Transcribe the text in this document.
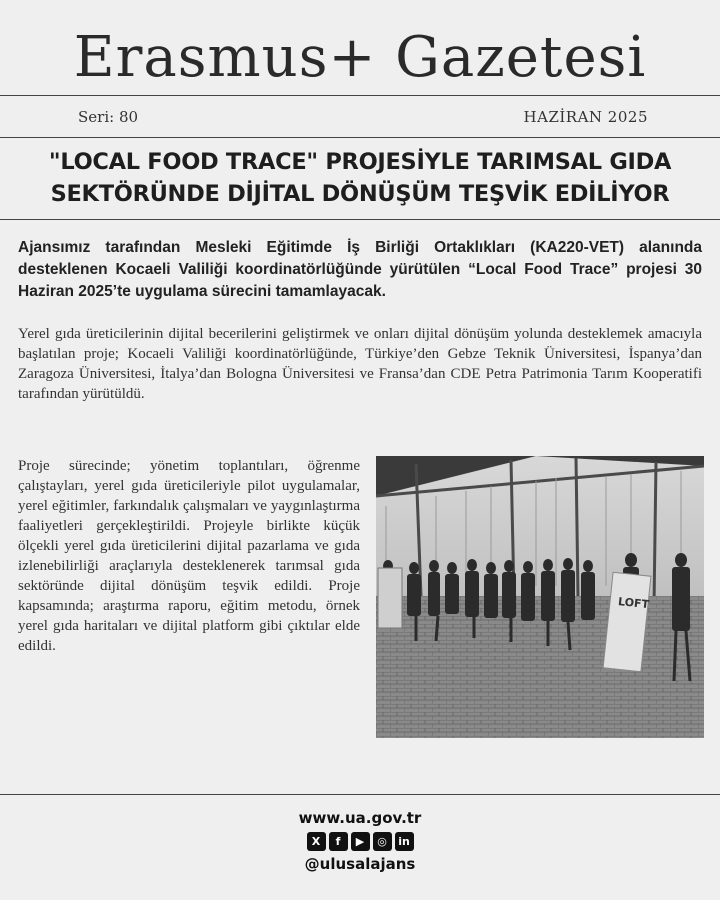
Erasmus+ Gazetesi
Seri: 80	HAZİRAN 2025
"LOCAL FOOD TRACE" PROJESİYLE TARIMSAL GIDA
SEKTÖRÜNDE DİJİTAL DÖNÜŞÜM TEŞVİK EDİLİYOR
Ajansımız tarafından Mesleki Eğitimde İş Birliği Ortaklıkları (KA220-VET) alanında desteklenen Kocaeli Valiliği koordinatörlüğünde yürütülen “Local Food Trace” projesi 30 Haziran 2025’te uygulama sürecini tamamlayacak.
Yerel gıda üreticilerinin dijital becerilerini geliştirmek ve onları dijital dönüşüm yolunda desteklemek amacıyla başlatılan proje; Kocaeli Valiliği koordinatörlüğünde, Türkiye’den Gebze Teknik Üniversitesi, İspanya’dan Zaragoza Üniversitesi, İtalya’dan Bologna Üniversitesi ve Fransa’dan CDE Petra Patrimonia Tarım Kooperatifi tarafından yürütüldü.
Proje sürecinde; yönetim toplantıları, öğrenme çalıştayları, yerel gıda üreticileriyle pilot uygulamalar, yerel eğitimler, farkındalık çalışmaları ve yaygınlaştırma faaliyetleri gerçekleştirildi. Projeyle birlikte küçük ölçekli yerel gıda üreticilerini dijital pazarlama ve gıda izlenebilirliği araçlarıyla desteklenerek tarımsal gıda sektöründe dijital dönüşüm teşvik edildi. Proje kapsamında; araştırma raporu, eğitim metodu, örnek yerel gıda haritaları ve dijital platform gibi çıktılar elde edildi.
LOFT
www.ua.gov.tr
X	f	▶	◎	in
@ulusalajans
